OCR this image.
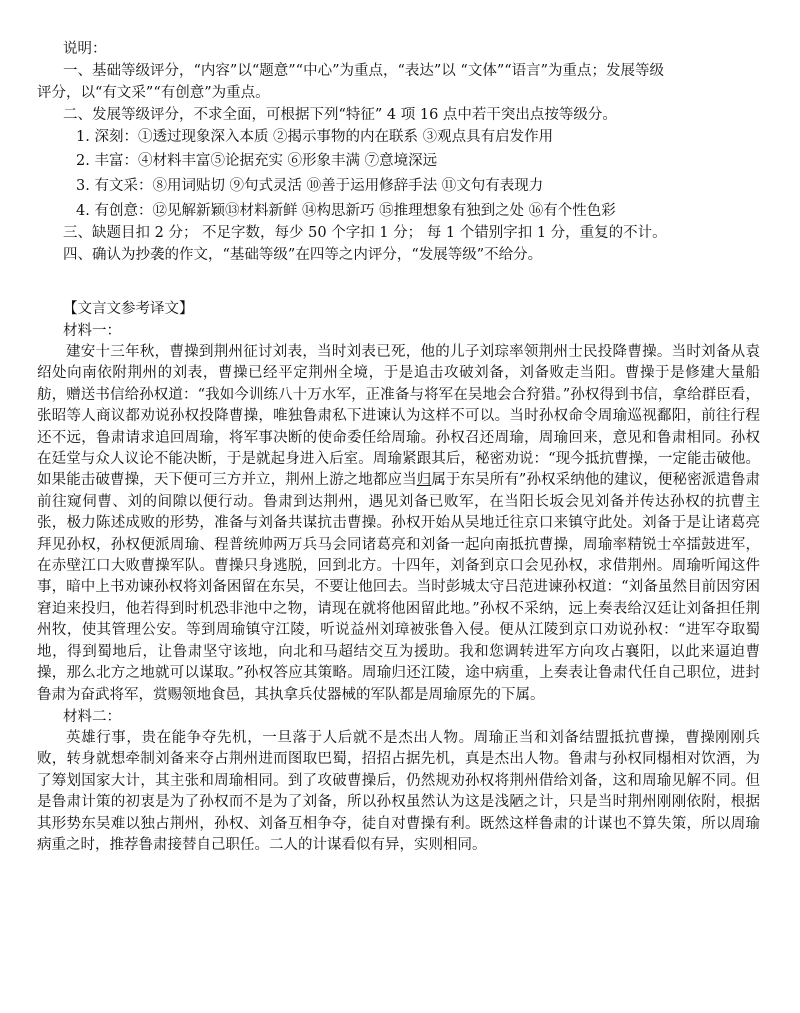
说明：

一、基础等级评分，“内容”以“题意”“中心”为重点，“表达”以 “文体”“语言”为重点；发展等级

评分，以“有文采”“有创意”为重点。

二、发展等级评分，不求全面，可根据下列“特征” 4 项 16 点中若干突出点按等级分。

1. 深刻：①透过现象深入本质 ②揭示事物的内在联系 ③观点具有启发作用

2. 丰富：④材料丰富⑤论据充实 ⑥形象丰满 ⑦意境深远

3. 有文采：⑧用词贴切 ⑨句式灵活 ⑩善于运用修辞手法 ⑪文句有表现力

4. 有创意：⑫见解新颖⑬材料新鲜 ⑭构思新巧 ⑮推理想象有独到之处 ⑯有个性色彩

三、缺题目扣 2 分； 不足字数，每少 50 个字扣 1 分； 每 1 个错别字扣 1 分，重复的不计。

四、确认为抄袭的作文，“基础等级”在四等之内评分，“发展等级”不给分。

【文言文参考译文】

材料一：

建安十三年秋，曹操到荆州征讨刘表，当时刘表已死，他的儿子刘琮率领荆州士民投降曹操。当时刘备从袁绍处向南依附荆州的刘表，曹操已经平定荆州全境，于是追击攻破刘备，刘备败走当阳。曹操于是修建大量船舫，赠送书信给孙权道：“我如今训练八十万水军，正准备与将军在吴地会合狩猎。”孙权得到书信，拿给群臣看，张昭等人商议都劝说孙权投降曹操，唯独鲁肃私下进谏认为这样不可以。当时孙权命令周瑜巡视鄱阳，前往行程还不远，鲁肃请求追回周瑜，将军事决断的使命委任给周瑜。孙权召还周瑜，周瑜回来，意见和鲁肃相同。孙权在廷堂与众人议论不能决断，于是就起身进入后室。周瑜紧跟其后，秘密劝说：“现今抵抗曹操，一定能击破他。如果能击破曹操，天下便可三方并立，荆州上游之地都应当归属于东吴所有”孙权采纳他的建议，便秘密派遣鲁肃前往窥伺曹、刘的间隙以便行动。鲁肃到达荆州，遇见刘备已败军，在当阳长坂会见刘备并传达孙权的抗曹主张，极力陈述成败的形势，准备与刘备共谋抗击曹操。孙权开始从吴地迁往京口来镇守此处。刘备于是让诸葛亮拜见孙权，孙权便派周瑜、程普统帅两万兵马会同诸葛亮和刘备一起向南抵抗曹操，周瑜率精锐士卒擂鼓进军，在赤壁江口大败曹操军队。曹操只身逃脱，回到北方。十四年，刘备到京口会见孙权，求借荆州。周瑜听闻这件事，暗中上书劝谏孙权将刘备困留在东吴，不要让他回去。当时彭城太守吕范进谏孙权道：“刘备虽然目前因穷困窘迫来投归，他若得到时机恐非池中之物，请现在就将他困留此地。”孙权不采纳，远上奏表给汉廷让刘备担任荆州牧，使其管理公安。等到周瑜镇守江陵，听说益州刘璋被张鲁入侵。便从江陵到京口劝说孙权：“进军夺取蜀地，得到蜀地后，让鲁肃坚守该地，向北和马超结交互为援助。我和您调转进军方向攻占襄阳，以此来逼迫曹操，那么北方之地就可以谋取。”孙权答应其策略。周瑜归还江陵，途中病重，上奏表让鲁肃代任自己职位，进封鲁肃为奋武将军，赏赐领地食邑，其执拿兵仗器械的军队都是周瑜原先的下属。

材料二：

英雄行事，贵在能争夺先机，一旦落于人后就不是杰出人物。周瑜正当和刘备结盟抵抗曹操，曹操刚刚兵败，转身就想牵制刘备来夺占荆州进而图取巴蜀，招招占据先机，真是杰出人物。鲁肃与孙权同榻相对饮酒，为了筹划国家大计，其主张和周瑜相同。到了攻破曹操后，仍然规劝孙权将荆州借给刘备，这和周瑜见解不同。但是鲁肃计策的初衷是为了孙权而不是为了刘备，所以孙权虽然认为这是浅陋之计，只是当时荆州刚刚依附，根据其形势东吴难以独占荆州，孙权、刘备互相争夺，徒自对曹操有利。既然这样鲁肃的计谋也不算失策，所以周瑜病重之时，推荐鲁肃接替自己职任。二人的计谋看似有异，实则相同。
